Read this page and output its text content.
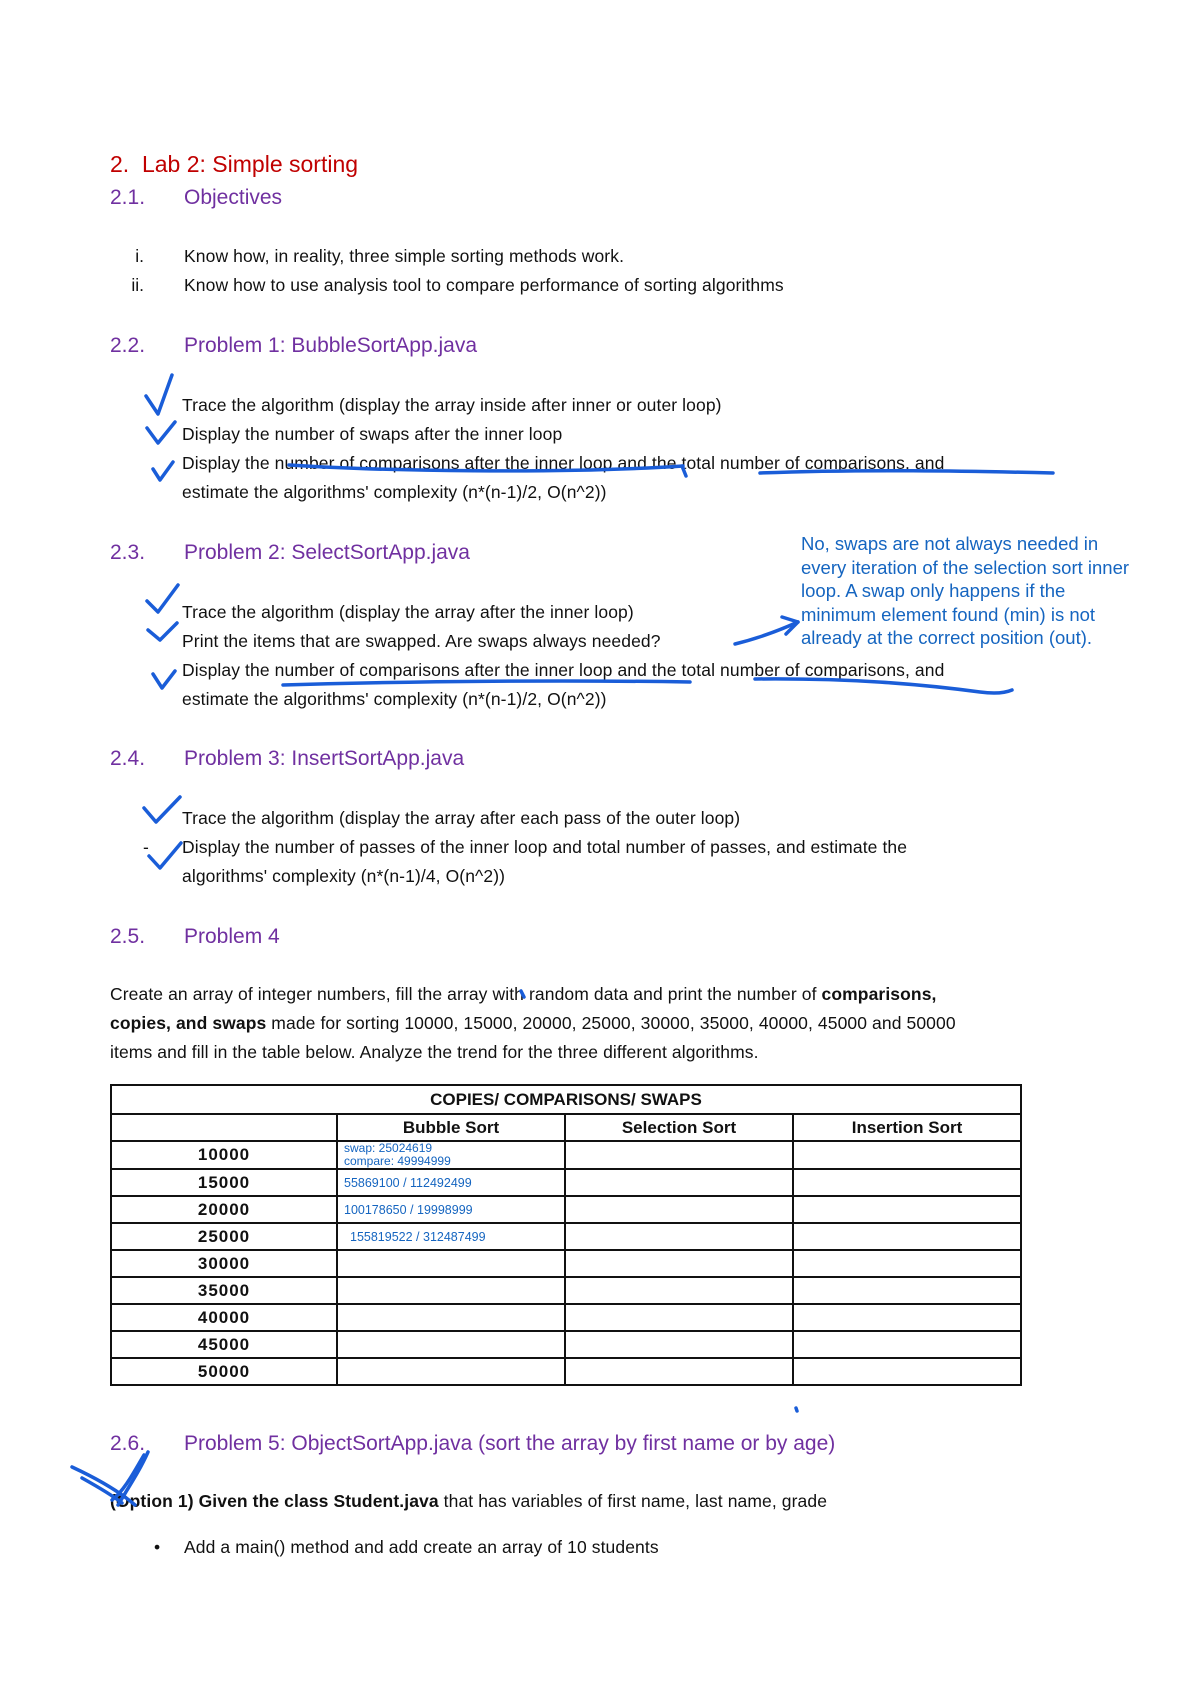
2. Lab 2: Simple sorting
2.1. Objectives
i. Know how, in reality, three simple sorting methods work.
ii. Know how to use analysis tool to compare performance of sorting algorithms
2.2. Problem 1: BubbleSortApp.java
Trace the algorithm (display the array inside after inner or outer loop)
Display the number of swaps after the inner loop
Display the number of comparisons after the inner loop and the total number of comparisons, and
estimate the algorithms' complexity (n*(n-1)/2, O(n^2))
2.3. Problem 2: SelectSortApp.java
Trace the algorithm (display the array after the inner loop)
Print the items that are swapped. Are swaps always needed?
Display the number of comparisons after the inner loop and the total number of comparisons, and
estimate the algorithms' complexity (n*(n-1)/2, O(n^2))
No, swaps are not always needed in
every iteration of the selection sort inner
loop. A swap only happens if the
minimum element found (min) is not
already at the correct position (out).
2.4. Problem 3: InsertSortApp.java
Trace the algorithm (display the array after each pass of the outer loop)
- Display the number of passes of the inner loop and total number of passes, and estimate the
algorithms' complexity (n*(n-1)/4, O(n^2))
2.5. Problem 4
Create an array of integer numbers, fill the array with random data and print the number of comparisons,
copies, and swaps made for sorting 10000, 15000, 20000, 25000, 30000, 35000, 40000, 45000 and 50000
items and fill in the table below. Analyze the trend for the three different algorithms.
COPIES/ COMPARISONS/ SWAPS			
	Bubble Sort	Selection Sort	Insertion Sort
10000	swap: 25024619
compare: 49994999		

15000	55869100 / 112492499		
20000	100178650 / 19998999		
25000	155819522 / 312487499		
30000			
35000			
40000			
45000			
50000			
2.6. Problem 5: ObjectSortApp.java (sort the array by first name or by age)
(Option 1) Given the class Student.java that has variables of first name, last name, grade
• Add a main() method and add create an array of 10 students
